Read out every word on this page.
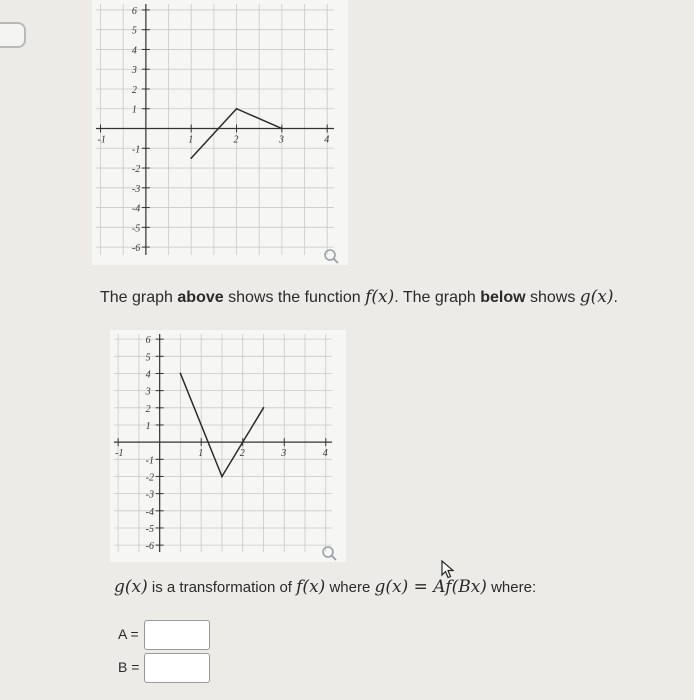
-1	1	2	3	4
6
5
4
3
2
1
-1
-2
-3
-4
-5
-6
The graph above shows the function f(x). The graph below shows g(x).
-1	1	2	3	4
6
5
4
3
2
1
-1
-2
-3
-4
-5
-6
g(x) is a transformation of f(x) where g(x) = Af(Bx) where:
A =
B =
